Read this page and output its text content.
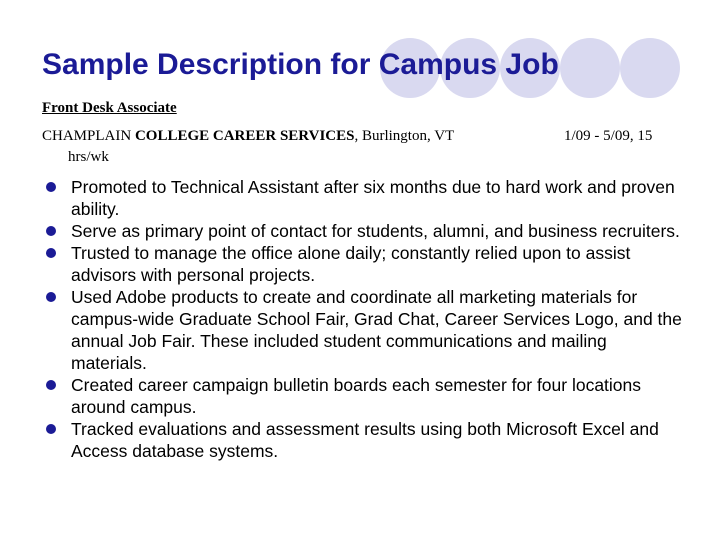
Sample Description for Campus Job
Front Desk Associate
CHAMPLAIN COLLEGE CAREER SERVICES, Burlington, VT	1/09 - 5/09, 15
hrs/wk
Promoted to Technical Assistant after six months due to hard work and proven ability.
Serve as primary point of contact for students, alumni, and business recruiters.
Trusted to manage the office alone daily; constantly relied upon to assist advisors with personal projects.
Used Adobe products to create and coordinate all marketing materials for campus-wide Graduate School Fair, Grad Chat, Career Services Logo, and the annual Job Fair. These included student communications and mailing materials.
Created career campaign bulletin boards each semester for four locations around campus.
Tracked evaluations and assessment results using both Microsoft Excel and Access database systems.
